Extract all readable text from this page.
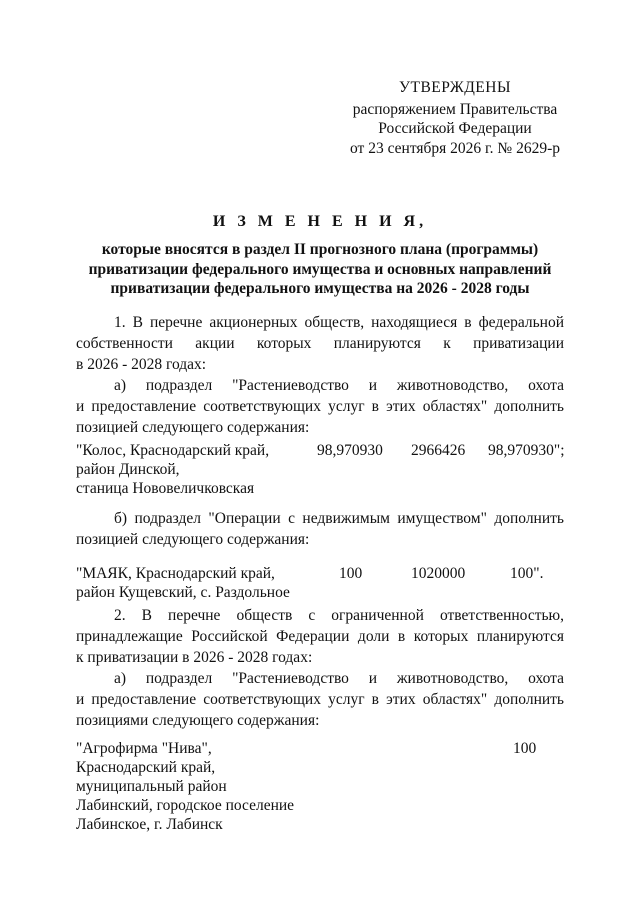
УТВЕРЖДЕНЫ
распоряжением Правительства
Российской Федерации
от 23 сентября 2026 г. № 2629-р
И З М Е Н Е Н И Я,
которые вносятся в раздел II прогнозного плана (программы)
приватизации федерального имущества и основных направлений
приватизации федерального имущества на 2026 - 2028 годы
1. В перечне акционерных обществ, находящиеся в федеральной
собственности акции которых планируются к приватизации
в 2026 - 2028 годах:
а) подраздел "Растениеводство и животноводство, охота
и предоставление соответствующих услуг в этих областях" дополнить
позицией следующего содержания:
"Колос, Краснодарский край,
район Динской,
станица Нововеличковская
98,970930 2966426 98,970930";
б) подраздел "Операции с недвижимым имуществом" дополнить
позицией следующего содержания:
"МАЯК, Краснодарский край,
район Кущевский, с. Раздольное
100	1020000	100".
2. В перечне обществ с ограниченной ответственностью,
принадлежащие Российской Федерации доли в которых планируются
к приватизации в 2026 - 2028 годах:
а) подраздел "Растениеводство и животноводство, охота
и предоставление соответствующих услуг в этих областях" дополнить
позициями следующего содержания:
"Агрофирма "Нива",
Краснодарский край,
муниципальный район
Лабинский, городское поселение
Лабинское, г. Лабинск
100
